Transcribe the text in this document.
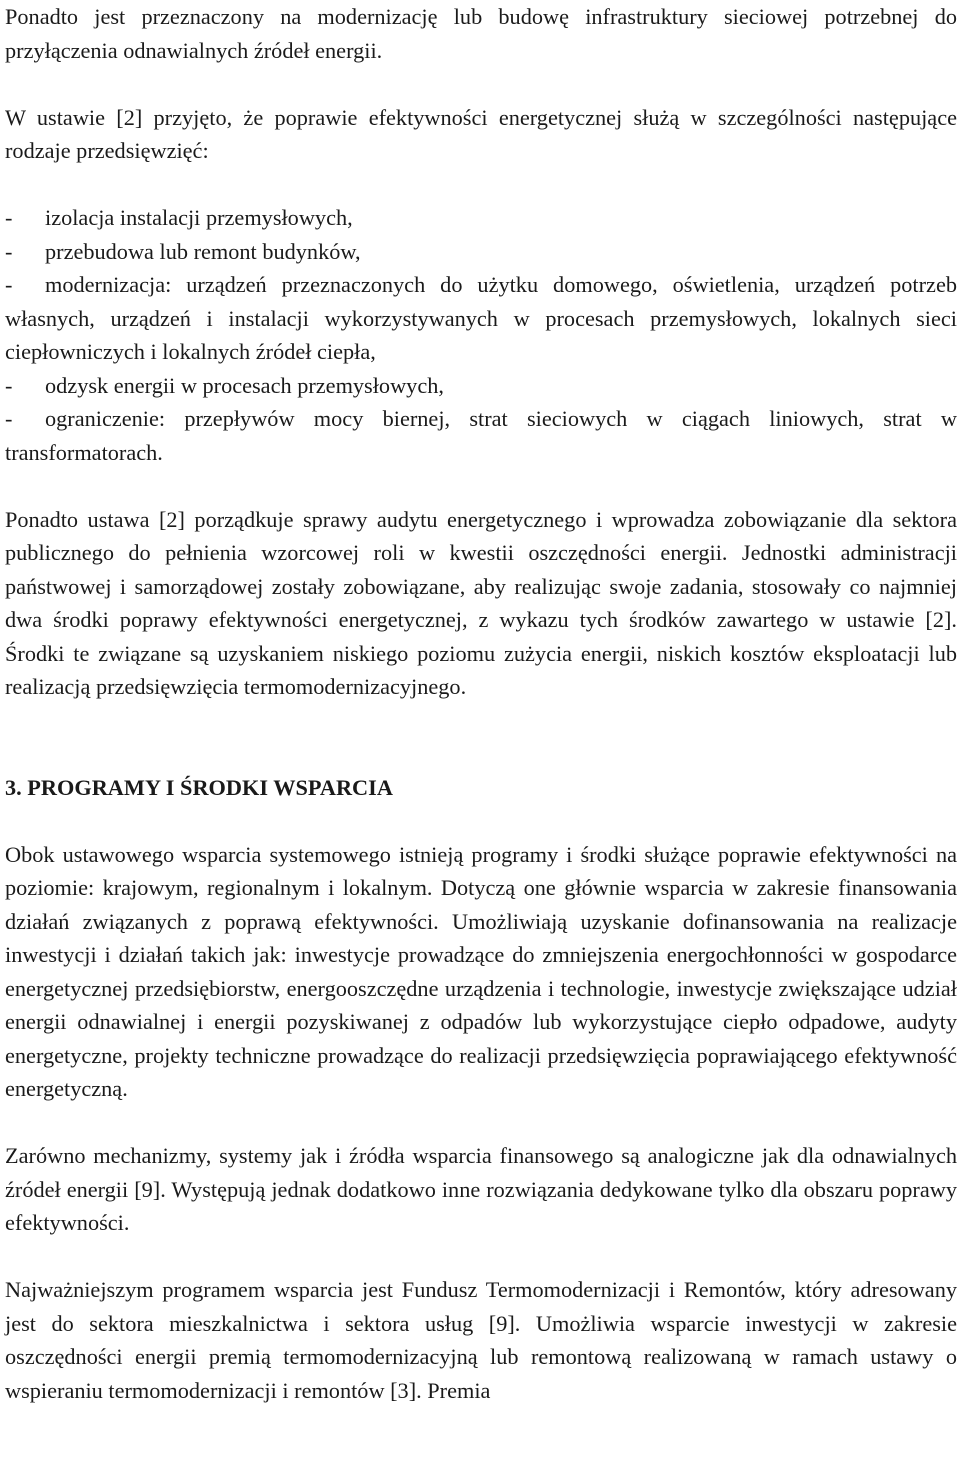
Ponadto jest przeznaczony na modernizację lub budowę infrastruktury sieciowej potrzebnej do przyłączenia odnawialnych źródeł energii.

W ustawie [2] przyjęto, że poprawie efektywności energetycznej służą w szczególności następujące rodzaje przedsięwzięć:

- izolacja instalacji przemysłowych,

- przebudowa lub remont budynków,

- modernizacja: urządzeń przeznaczonych do użytku domowego, oświetlenia, urządzeń potrzeb własnych, urządzeń i instalacji wykorzystywanych w procesach przemysłowych, lokalnych sieci ciepłowniczych i lokalnych źródeł ciepła,

- odzysk energii w procesach przemysłowych,

- ograniczenie: przepływów mocy biernej, strat sieciowych w ciągach liniowych, strat w transformatorach.

Ponadto ustawa [2] porządkuje sprawy audytu energetycznego i wprowadza zobowiązanie dla sektora publicznego do pełnienia wzorcowej roli w kwestii oszczędności energii. Jednostki administracji państwowej i samorządowej zostały zobowiązane, aby realizując swoje zadania, stosowały co najmniej dwa środki poprawy efektywności energetycznej, z wykazu tych środków zawartego w ustawie [2]. Środki te związane są uzyskaniem niskiego poziomu zużycia energii, niskich kosztów eksploatacji lub realizacją przedsięwzięcia termomodernizacyjnego.

3. PROGRAMY I ŚRODKI WSPARCIA

Obok ustawowego wsparcia systemowego istnieją programy i środki służące poprawie efektywności na poziomie: krajowym, regionalnym i lokalnym. Dotyczą one głównie wsparcia w zakresie finansowania działań związanych z poprawą efektywności. Umożliwiają uzyskanie dofinansowania na realizacje inwestycji i działań takich jak: inwestycje prowadzące do zmniejszenia energochłonności w gospodarce energetycznej przedsiębiorstw, energooszczędne urządzenia i technologie, inwestycje zwiększające udział energii odnawialnej i energii pozyskiwanej z odpadów lub wykorzystujące ciepło odpadowe, audyty energetyczne, projekty techniczne prowadzące do realizacji przedsięwzięcia poprawiającego efektywność energetyczną.

Zarówno mechanizmy, systemy jak i źródła wsparcia finansowego są analogiczne jak dla odnawialnych źródeł energii [9]. Występują jednak dodatkowo inne rozwiązania dedykowane tylko dla obszaru poprawy efektywności.

Najważniejszym programem wsparcia jest Fundusz Termomodernizacji i Remontów, który adresowany jest do sektora mieszkalnictwa i sektora usług [9]. Umożliwia wsparcie inwestycji w zakresie oszczędności energii premią termomodernizacyjną lub remontową realizowaną w ramach ustawy o wspieraniu termomodernizacji i remontów [3]. Premia
